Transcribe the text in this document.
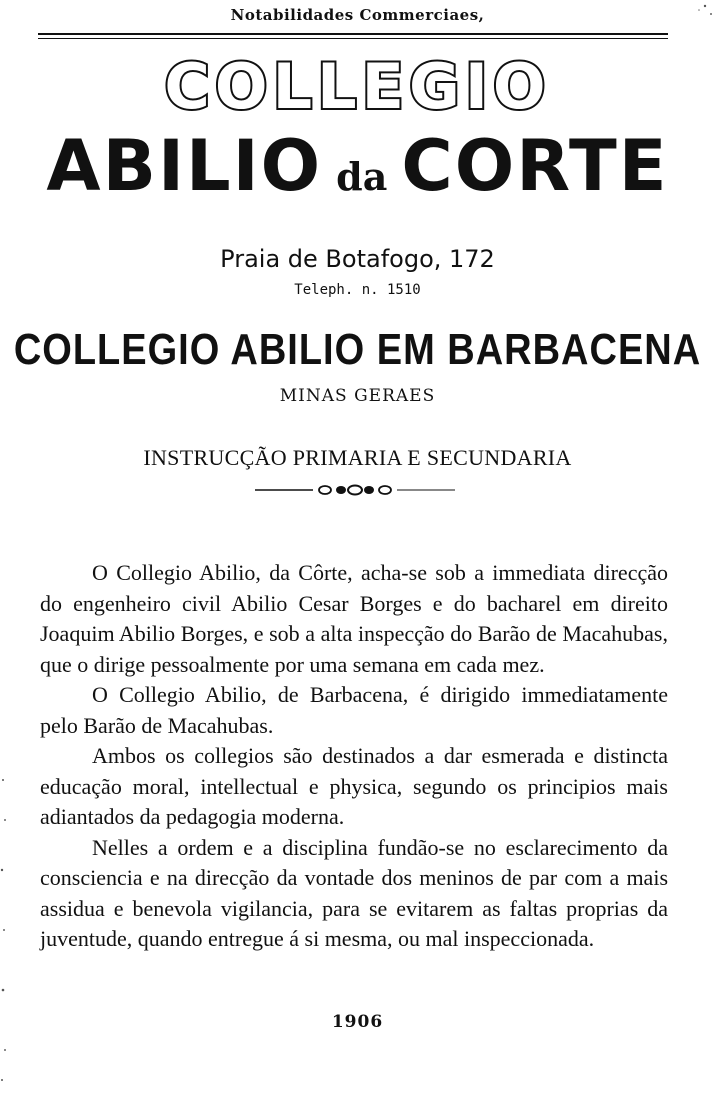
Notabilidades Commerciaes,
COLLEGIO
ABILIO da CORTE
Praia de Botafogo, 172
Teleph. n. 1510
COLLEGIO ABILIO EM BARBACENA
MINAS GERAES
INSTRUCÇÃO PRIMARIA E SECUNDARIA

O Collegio Abilio, da Côrte, acha-se sob a immediata direcção do engenheiro civil Abilio Cesar Borges e do bacharel em direito Joaquim Abilio Borges, e sob a alta inspecção do Barão de Macahubas, que o dirige pessoalmente por uma semana em cada mez.

O Collegio Abilio, de Barbacena, é dirigido immediatamente pelo Barão de Macahubas.

Ambos os collegios são destinados a dar esmerada e distincta educação moral, intellectual e physica, segundo os principios mais adiantados da pedagogia moderna.

Nelles a ordem e a disciplina fundão-se no esclarecimento da consciencia e na direcção da vontade dos meninos de par com a mais assidua e benevola vigilancia, para se evitarem as faltas proprias da juventude, quando entregue á si mesma, ou mal inspeccionada.

1906
